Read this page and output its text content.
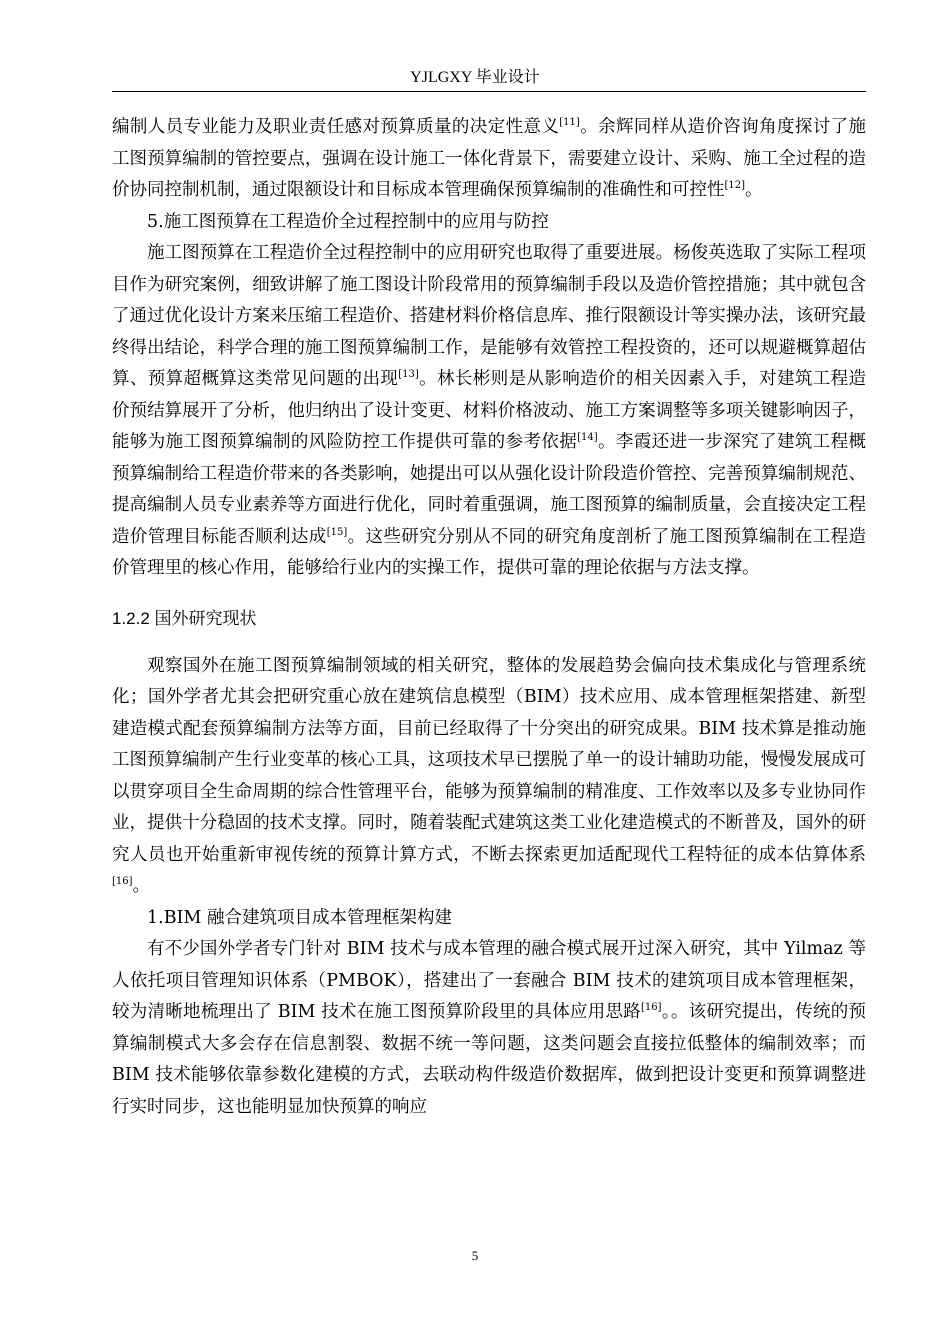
YJLGXY 毕业设计

编制人员专业能力及职业责任感对预算质量的决定性意义[11]。余辉同样从造价咨询角度探讨了施工图预算编制的管控要点，强调在设计施工一体化背景下，需要建立设计、采购、施工全过程的造价协同控制机制，通过限额设计和目标成本管理确保预算编制的准确性和可控性[12]。

5.施工图预算在工程造价全过程控制中的应用与防控

施工图预算在工程造价全过程控制中的应用研究也取得了重要进展。杨俊英选取了实际工程项目作为研究案例，细致讲解了施工图设计阶段常用的预算编制手段以及造价管控措施；其中就包含了通过优化设计方案来压缩工程造价、搭建材料价格信息库、推行限额设计等实操办法，该研究最终得出结论，科学合理的施工图预算编制工作，是能够有效管控工程投资的，还可以规避概算超估算、预算超概算这类常见问题的出现[13]。林长彬则是从影响造价的相关因素入手，对建筑工程造价预结算展开了分析，他归纳出了设计变更、材料价格波动、施工方案调整等多项关键影响因子，能够为施工图预算编制的风险防控工作提供可靠的参考依据[14]。李霞还进一步深究了建筑工程概预算编制给工程造价带来的各类影响，她提出可以从强化设计阶段造价管控、完善预算编制规范、提高编制人员专业素养等方面进行优化，同时着重强调，施工图预算的编制质量，会直接决定工程造价管理目标能否顺利达成[15]。这些研究分别从不同的研究角度剖析了施工图预算编制在工程造价管理里的核心作用，能够给行业内的实操工作，提供可靠的理论依据与方法支撑。

1.2.2 国外研究现状

观察国外在施工图预算编制领域的相关研究，整体的发展趋势会偏向技术集成化与管理系统化；国外学者尤其会把研究重心放在建筑信息模型（BIM）技术应用、成本管理框架搭建、新型建造模式配套预算编制方法等方面，目前已经取得了十分突出的研究成果。BIM 技术算是推动施工图预算编制产生行业变革的核心工具，这项技术早已摆脱了单一的设计辅助功能，慢慢发展成可以贯穿项目全生命周期的综合性管理平台，能够为预算编制的精准度、工作效率以及多专业协同作业，提供十分稳固的技术支撑。同时，随着装配式建筑这类工业化建造模式的不断普及，国外的研究人员也开始重新审视传统的预算计算方式，不断去探索更加适配现代工程特征的成本估算体系[16]。

1.BIM 融合建筑项目成本管理框架构建

有不少国外学者专门针对 BIM 技术与成本管理的融合模式展开过深入研究，其中 Yilmaz 等人依托项目管理知识体系（PMBOK），搭建出了一套融合 BIM 技术的建筑项目成本管理框架，较为清晰地梳理出了 BIM 技术在施工图预算阶段里的具体应用思路[16]。。该研究提出，传统的预算编制模式大多会存在信息割裂、数据不统一等问题，这类问题会直接拉低整体的编制效率；而 BIM 技术能够依靠参数化建模的方式，去联动构件级造价数据库，做到把设计变更和预算调整进行实时同步，这也能明显加快预算的响应

5
